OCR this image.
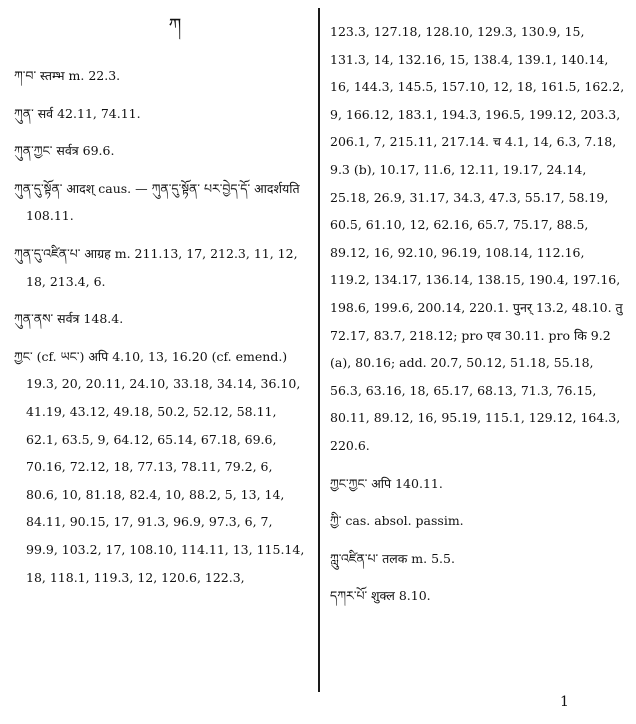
ཀ

ཀ་བ་ स्तम्भ m. 22.3.

ཀུན་ सर्व 42.11, 74.11.

ཀུན་ཀྱང་ सर्वत्र 69.6.

ཀུན་དུ་སྟོན་ आदश् caus. — ཀུན་དུ་སྟོན་ པར་བྱེད་དོ་ आदर्शयति 108.11.

ཀུན་དུ་འཛིན་པ་ आग्रह m. 211.13, 17, 212.3, 11, 12, 18, 213.4, 6.

ཀུན་ནས་ सर्वत्र 148.4.

ཀྱང་ (cf. ཡང་) अपि 4.10, 13, 16.20 (cf. emend.) 19.3, 20, 20.11, 24.10, 33.18, 34.14, 36.10, 41.19, 43.12, 49.18, 50.2, 52.12, 58.11, 62.1, 63.5, 9, 64.12, 65.14, 67.18, 69.6, 70.16, 72.12, 18, 77.13, 78.11, 79.2, 6, 80.6, 10, 81.18, 82.4, 10, 88.2, 5, 13, 14, 84.11, 90.15, 17, 91.3, 96.9, 97.3, 6, 7, 99.9, 103.2, 17, 108.10, 114.11, 13, 115.14, 18, 118.1, 119.3, 12, 120.6, 122.3,

123.3, 127.18, 128.10, 129.3, 130.9, 15, 131.3, 14, 132.16, 15, 138.4, 139.1, 140.14, 16, 144.3, 145.5, 157.10, 12, 18, 161.5, 162.2, 9, 166.12, 183.1, 194.3, 196.5, 199.12, 203.3, 206.1, 7, 215.11, 217.14. च 4.1, 14, 6.3, 7.18, 9.3 (b), 10.17, 11.6, 12.11, 19.17, 24.14, 25.18, 26.9, 31.17, 34.3, 47.3, 55.17, 58.19, 60.5, 61.10, 12, 62.16, 65.7, 75.17, 88.5, 89.12, 16, 92.10, 96.19, 108.14, 112.16, 119.2, 134.17, 136.14, 138.15, 190.4, 197.16, 198.6, 199.6, 200.14, 220.1. पुनर् 13.2, 48.10. तु 72.17, 83.7, 218.12; pro एव 30.11. pro कि 9.2 (a), 80.16; add. 20.7, 50.12, 51.18, 55.18, 56.3, 63.16, 18, 65.17, 68.13, 71.3, 76.15, 80.11, 89.12, 16, 95.19, 115.1, 129.12, 164.3, 220.6.

ཀྱང་ཀྱང་ अपि 140.11.

ཀྱི་ cas. absol. passim.

ཀླུ་འཛིན་པ་ तलक m. 5.5.

དཀར་པོ་ शुक्ल 8.10.

1
